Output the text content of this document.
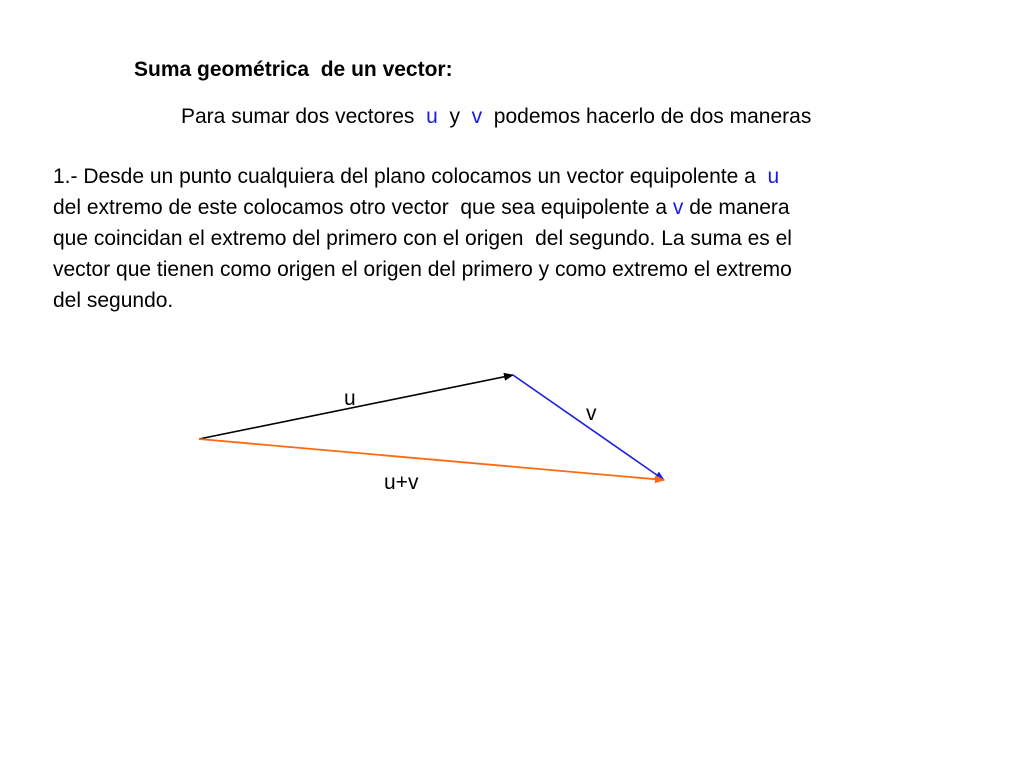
Suma geométrica  de un vector:
Para sumar dos vectores  u  y  v  podemos hacerlo de dos maneras
1.- Desde un punto cualquiera del plano colocamos un vector equipolente a  u
del extremo de este colocamos otro vector  que sea equipolente a v de manera
que coincidan el extremo del primero con el origen  del segundo. La suma es el
vector que tienen como origen el origen del primero y como extremo el extremo
del segundo.
u
v
u+v
